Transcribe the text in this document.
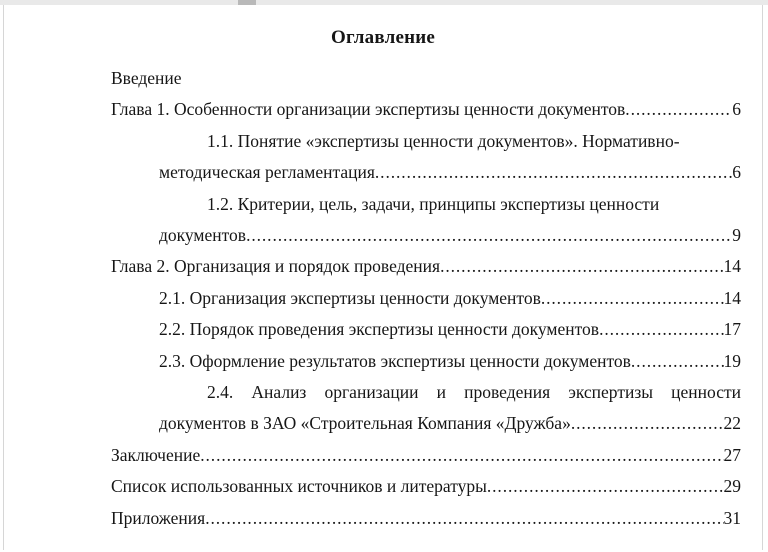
Оглавление
Введение
Глава 1. Особенности организации экспертизы ценности документов .....	6
1.1. Понятие «экспертизы ценности документов». Нормативно-
методическая регламентация .....	6
1.2. Критерии, цель, задачи, принципы экспертизы ценности
документов .....	9
Глава 2. Организация и порядок проведения .....	14
2.1. Организация экспертизы ценности документов .....	14
2.2. Порядок проведения экспертизы ценности документов .....	17
2.3. Оформление результатов экспертизы ценности документов .....	19
2.4. Анализ организации и проведения экспертизы ценности
документов в ЗАО «Строительная Компания «Дружба» .....	22
Заключение .....	27
Список использованных источников и литературы .....	29
Приложения .....	31
